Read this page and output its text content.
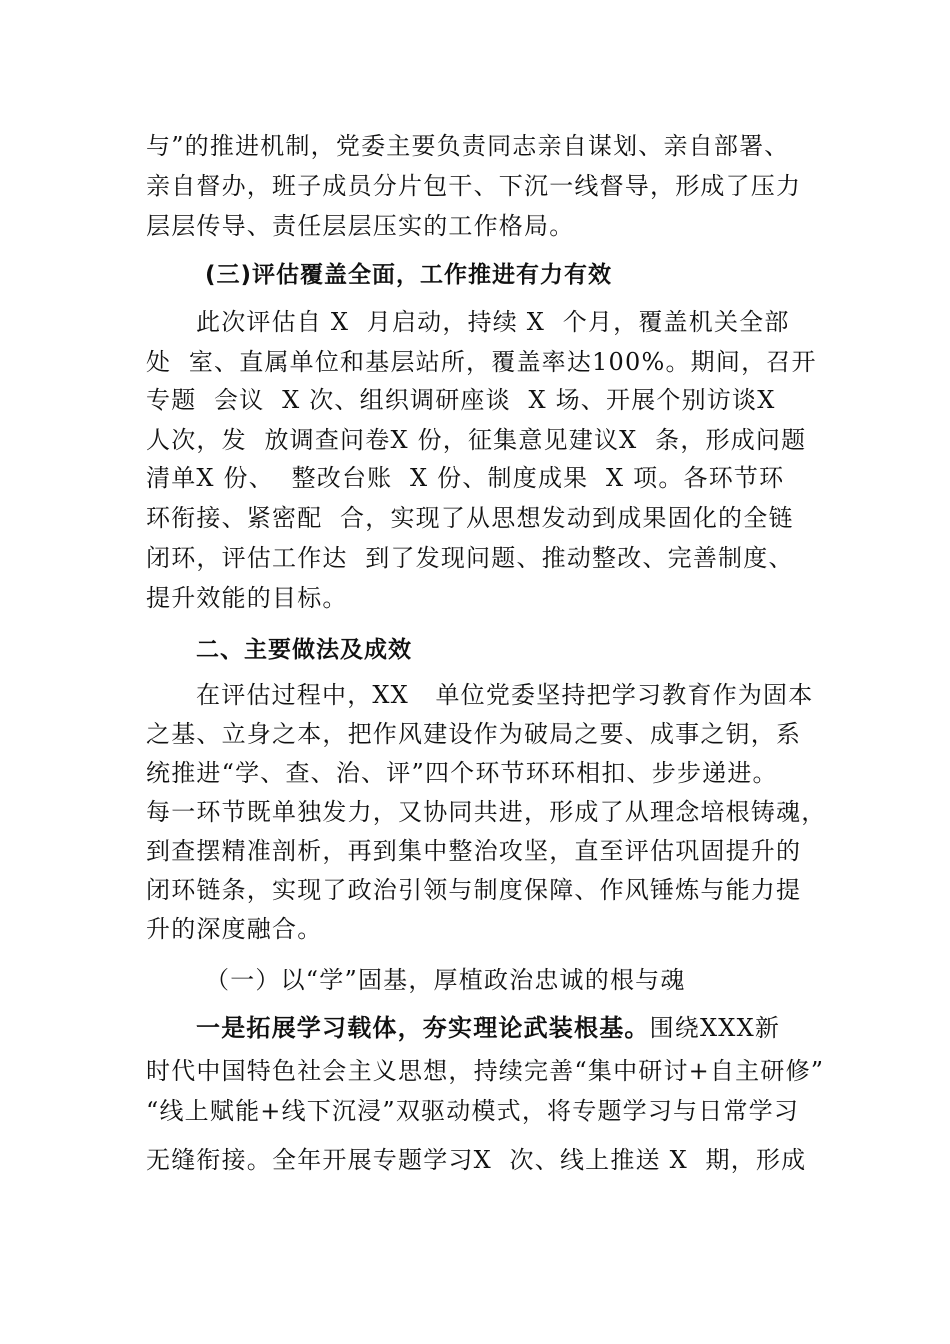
与”的推进机制，党委主要负责同志亲自谋划、亲自部署、
亲自督办，班子成员分片包干、下沉一线督导，形成了压力
层层传导、责任层层压实的工作格局。
(三)评估覆盖全面，工作推进有力有效
此次评估自 X  月启动，持续 X  个月，覆盖机关全部
处  室、直属单位和基层站所，覆盖率达100%。期间，召开
专题  会议  X 次、组织调研座谈  X 场、开展个别访谈X
人次，发  放调查问卷X 份，征集意见建议X  条，形成问题
清单X 份、  整改台账  X 份、制度成果  X 项。各环节环
环衔接、紧密配  合，实现了从思想发动到成果固化的全链
闭环，评估工作达  到了发现问题、推动整改、完善制度、
提升效能的目标。
二、主要做法及成效
在评估过程中，XX   单位党委坚持把学习教育作为固本
之基、立身之本，把作风建设作为破局之要、成事之钥，系
统推进“学、查、治、评”四个环节环环相扣、步步递进。
每一环节既单独发力，又协同共进，形成了从理念培根铸魂，
到查摆精准剖析，再到集中整治攻坚，直至评估巩固提升的
闭环链条，实现了政治引领与制度保障、作风锤炼与能力提
升的深度融合。
（一）以“学”固基，厚植政治忠诚的根与魂
一是拓展学习载体，夯实理论武装根基。围绕XXX新
时代中国特色社会主义思想，持续完善“集中研讨+自主研修”
“线上赋能+线下沉浸”双驱动模式，将专题学习与日常学习
无缝衔接。全年开展专题学习X  次、线上推送 X  期，形成
